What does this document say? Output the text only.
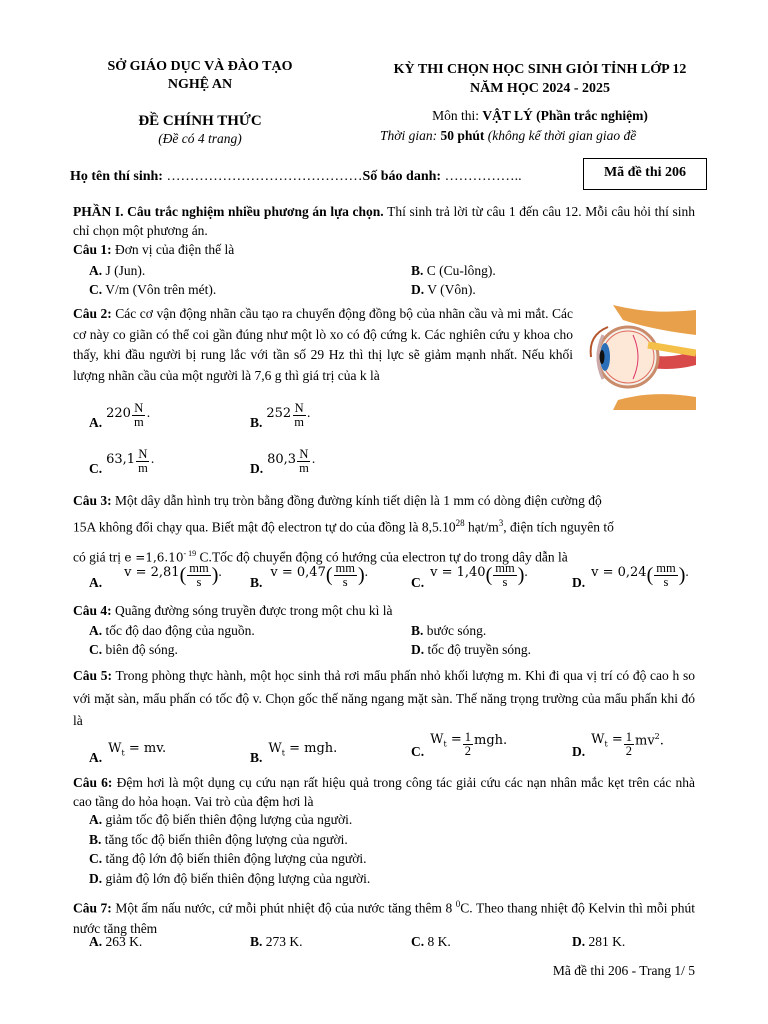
SỞ GIÁO DỤC VÀ ĐÀO TẠO
NGHỆ AN
ĐỀ CHÍNH THỨC
(Đề có 4 trang)
KỲ THI CHỌN HỌC SINH GIỎI TỈNH LỚP 12
NĂM HỌC 2024 - 2025
Môn thi: VẬT LÝ (Phần trắc nghiệm)
Thời gian: 50 phút (không kể thời gian giao đề
Họ tên thí sinh: ……………………………………Số báo danh: ……………..	Mã đề thi 206
PHẦN I. Câu trắc nghiệm nhiều phương án lựa chọn. Thí sinh trả lời từ câu 1 đến câu 12. Mỗi câu hỏi thí sinh chỉ chọn một phương án.
Câu 1: Đơn vị của điện thế là
A. J (Jun).	B. C (Cu-lông).
C. V/m (Vôn trên mét).	D. V (Vôn).
Câu 2: Các cơ vận động nhãn cầu tạo ra chuyển động đồng bộ của nhãn cầu và mi mắt. Các cơ này co giãn có thể coi gần đúng như một lò xo có độ cứng k. Các nghiên cứu y khoa cho thấy, khi đầu người bị rung lắc với tần số 29 Hz thì thị lực sẽ giảm mạnh nhất. Nếu khối lượng nhãn cầu của một người là 7,6 g thì giá trị của k là
A.
$220 \frac{N}{m}$ .
B.
$252 \frac{N}{m}$ .
C.
$63,1 \frac{N}{m}$ .
D.
$80,3 \frac{N}{m}$ .
Câu 3: Một dây dẫn hình trụ tròn bằng đồng đường kính tiết diện là 1 mm có dòng điện cường độ
15A không đổi chạy qua. Biết mật độ electron tự do của đồng là 8,5.10$^{28}$ hạt/$m^3$, điện tích nguyên tố
có giá trị $e =1,6.10^{- 19}$ C.Tốc độ chuyển động có hướng của electron tự do trong dây dẫn là
A.
v = 2,81 ( $\frac{mm}{s}$ ) .
B.
v = 0,47 ( $\frac{mm}{s}$ ) .
C.
v = 1,40 ( $\frac{mm}{s}$ ) .
D.
v = 0,24 ( $\frac{mm}{s}$ ) .
Câu 4: Quãng đường sóng truyền được trong một chu kì là
A. tốc độ dao động của nguồn.	B. bước sóng.
C. biên độ sóng.	D. tốc độ truyền sóng.
Câu 5: Trong phòng thực hành, một học sinh thả rơi mẩu phấn nhỏ khối lượng m. Khi đi qua vị trí có độ cao h so với mặt sàn, mẩu phấn có tốc độ v. Chọn gốc thế năng ngang mặt sàn. Thế năng trọng trường của mẩu phấn khi đó là
A.
$W_t$ = mv.
B.
$W_t$ = mgh.	C.
$W_t = \frac{1}{2}$ mgh.
D.
$W_t = \frac{1}{2} mv^2$.
Câu 6: Đệm hơi là một dụng cụ cứu nạn rất hiệu quả trong công tác giải cứu các nạn nhân mắc kẹt trên các nhà cao tầng do hỏa hoạn. Vai trò của đệm hơi là
A. giảm tốc độ biến thiên động lượng của người.
B. tăng tốc độ biến thiên động lượng của người.
C. tăng độ lớn độ biến thiên động lượng của người.
D. giảm độ lớn độ biến thiên động lượng của người.
Câu 7: Một ấm nấu nước, cứ mỗi phút nhiệt độ của nước tăng thêm 8 $^0$C. Theo thang nhiệt độ Kelvin thì mỗi phút nước tăng thêm
A. 263 K.	B. 273 K.	C. 8 K.	D. 281 K.
Mã đề thi 206 - Trang 1/ 5
